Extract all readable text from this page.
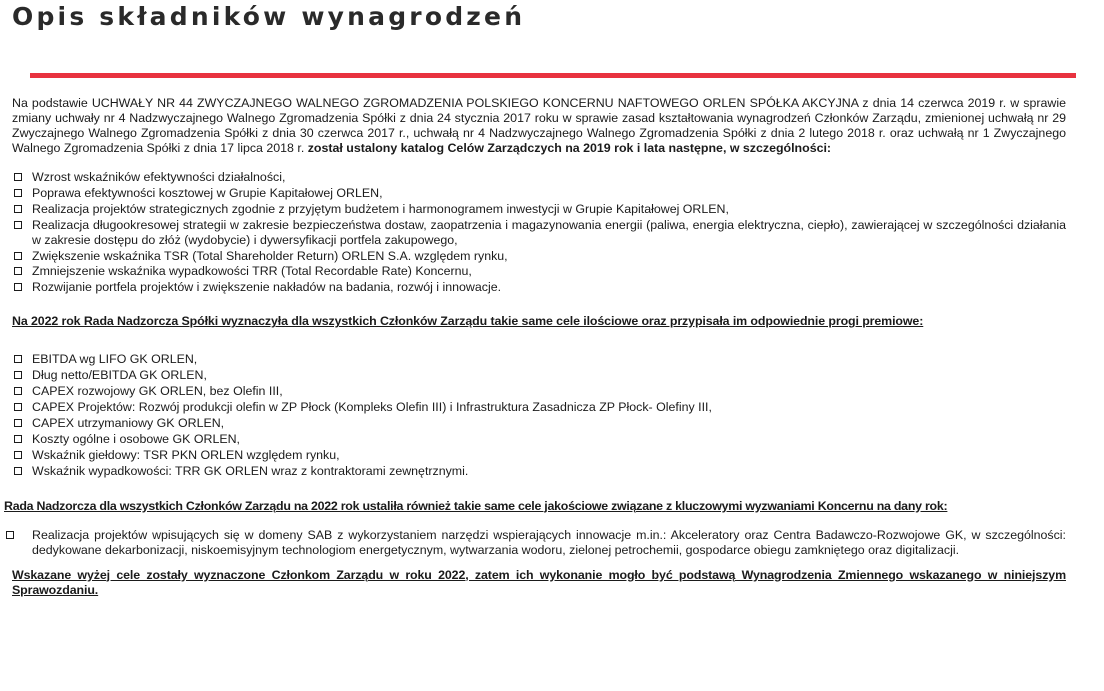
Opis składników wynagrodzeń

Na podstawie UCHWAŁY NR 44 ZWYCZAJNEGO WALNEGO ZGROMADZENIA POLSKIEGO KONCERNU NAFTOWEGO ORLEN SPÓŁKA AKCYJNA z dnia 14 czerwca 2019 r. w sprawie zmiany uchwały nr 4 Nadzwyczajnego Walnego Zgromadzenia Spółki z dnia 24 stycznia 2017 roku w sprawie zasad kształtowania wynagrodzeń Członków Zarządu, zmienionej uchwałą nr 29 Zwyczajnego Walnego Zgromadzenia Spółki z dnia 30 czerwca 2017 r., uchwałą nr 4 Nadzwyczajnego Walnego Zgromadzenia Spółki z dnia 2 lutego 2018 r. oraz uchwałą nr 1 Zwyczajnego Walnego Zgromadzenia Spółki z dnia 17 lipca 2018 r. został ustalony katalog Celów Zarządczych na 2019 rok i lata następne, w szczególności:

Wzrost wskaźników efektywności działalności,
Poprawa efektywności kosztowej w Grupie Kapitałowej ORLEN,
Realizacja projektów strategicznych zgodnie z przyjętym budżetem i harmonogramem inwestycji w Grupie Kapitałowej ORLEN,
Realizacja długookresowej strategii w zakresie bezpieczeństwa dostaw, zaopatrzenia i magazynowania energii (paliwa, energia elektryczna, ciepło), zawierającej w szczególności działania w zakresie dostępu do złóż (wydobycie) i dywersyfikacji portfela zakupowego,
Zwiększenie wskaźnika TSR (Total Shareholder Return) ORLEN S.A. względem rynku,
Zmniejszenie wskaźnika wypadkowości TRR (Total Recordable Rate) Koncernu,
Rozwijanie portfela projektów i zwiększenie nakładów na badania, rozwój i innowacje.

Na 2022 rok Rada Nadzorcza Spółki wyznaczyła dla wszystkich Członków Zarządu takie same cele ilościowe oraz przypisała im odpowiednie progi premiowe:

EBITDA wg LIFO GK ORLEN,
Dług netto/EBITDA GK ORLEN,
CAPEX rozwojowy GK ORLEN, bez Olefin III,
CAPEX Projektów: Rozwój produkcji olefin w ZP Płock (Kompleks Olefin III) i Infrastruktura Zasadnicza ZP Płock- Olefiny III,
CAPEX utrzymaniowy GK ORLEN,
Koszty ogólne i osobowe GK ORLEN,
Wskaźnik giełdowy: TSR PKN ORLEN względem rynku,
Wskaźnik wypadkowości: TRR GK ORLEN wraz z kontraktorami zewnętrznymi.

Rada Nadzorcza dla wszystkich Członków Zarządu na 2022 rok ustaliła również takie same cele jakościowe związane z kluczowymi wyzwaniami Koncernu na dany rok:

Realizacja projektów wpisujących się w domeny SAB z wykorzystaniem narzędzi wspierających innowacje m.in.: Akceleratory oraz Centra Badawczo-Rozwojowe GK, w szczególności: dedykowane dekarbonizacji, niskoemisyjnym technologiom energetycznym, wytwarzania wodoru, zielonej petrochemii, gospodarce obiegu zamkniętego oraz digitalizacji.

Wskazane wyżej cele zostały wyznaczone Członkom Zarządu w roku 2022, zatem ich wykonanie mogło być podstawą Wynagrodzenia Zmiennego wskazanego w niniejszym Sprawozdaniu.
